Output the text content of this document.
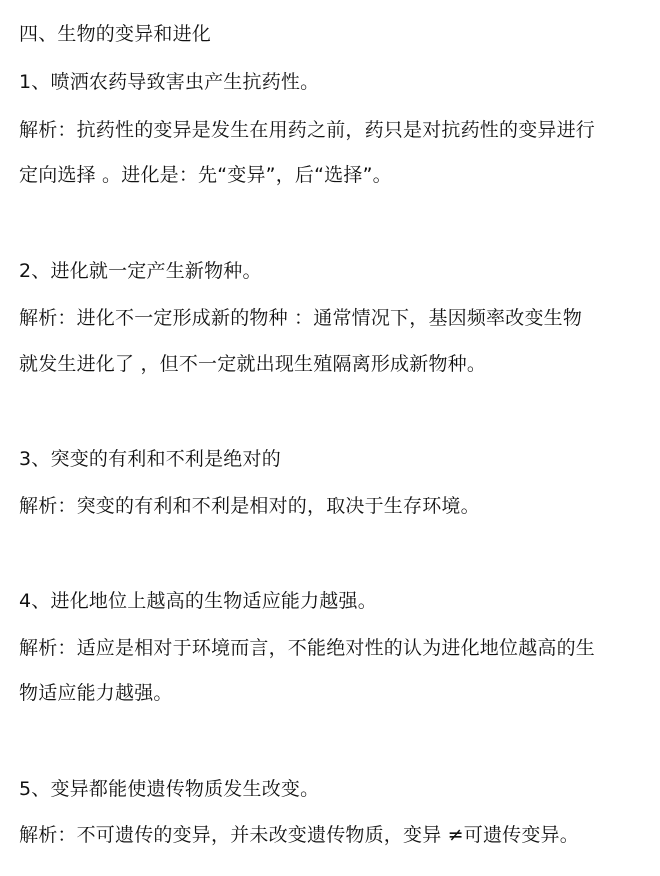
四、生物的变异和进化
1、喷洒农药导致害虫产生抗药性。
解析：抗药性的变异是发生在用药之前，药只是对抗药性的变异进行
定向选择 。进化是：先“变异”，后“选择”。
2、进化就一定产生新物种。
解析：进化不一定形成新的物种 ：通常情况下，基因频率改变生物
就发生进化了 ，但不一定就出现生殖隔离形成新物种。
3、突变的有利和不利是绝对的
解析：突变的有利和不利是相对的，取决于生存环境。
4、进化地位上越高的生物适应能力越强。
解析：适应是相对于环境而言，不能绝对性的认为进化地位越高的生
物适应能力越强。
5、变异都能使遗传物质发生改变。
解析：不可遗传的变异，并未改变遗传物质，变异 ≠可遗传变异。
